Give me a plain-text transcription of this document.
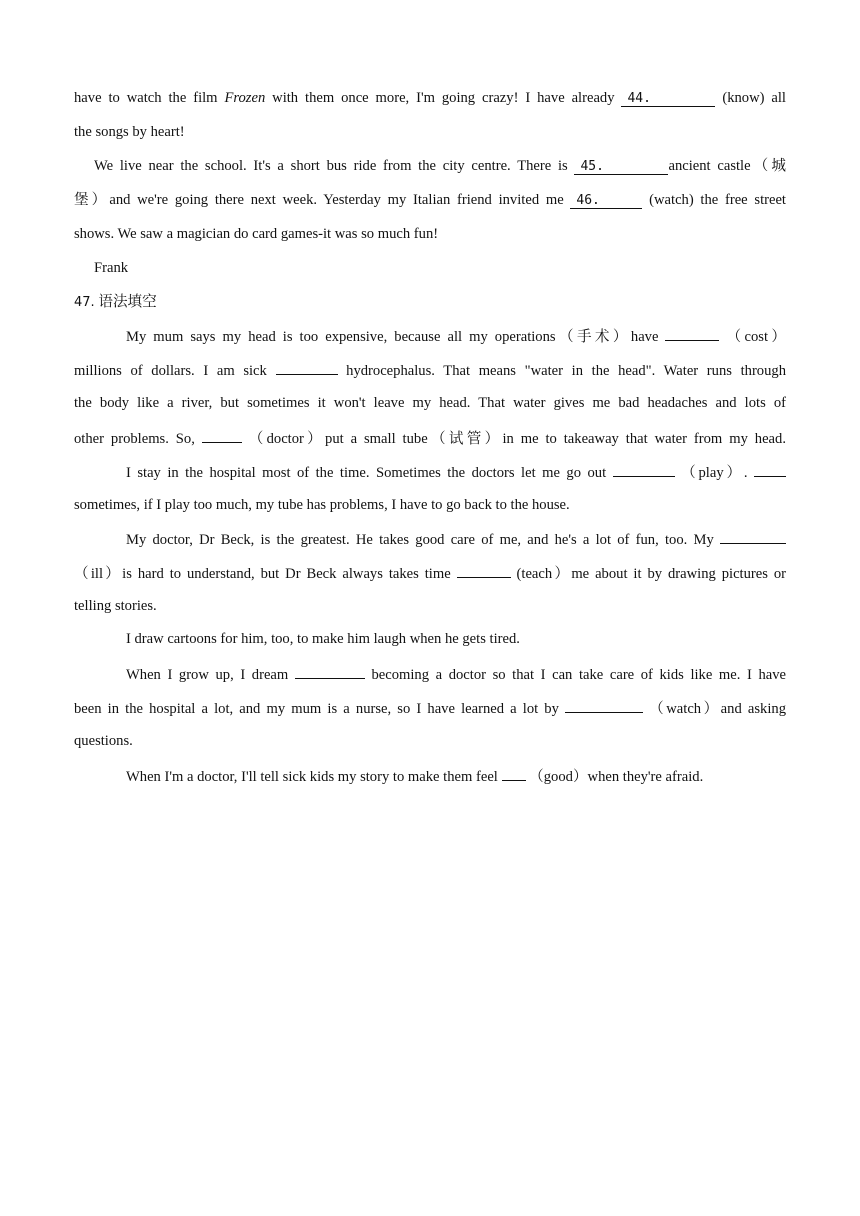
have to watch the film Frozen with them once more, I'm going crazy! I have already 44.	(know) all
the songs by heart!
We live near the school. It's a short bus ride from the city centre. There is 45.	ancient castle（城
堡）and we're going there next week. Yesterday my Italian friend invited me 46.	(watch) the free street
shows. We saw a magician do card games-it was so much fun!
Frank
47. 语法填空
My mum says my head is too expensive, because all my operations（手术）have	（cost）
millions of dollars. I am sick	hydrocephalus. That means "water in the head". Water runs through
the body like a river, but sometimes it won't leave my head. That water gives me bad headaches and lots of
other problems. So,	（doctor）put a small tube（试管）in me to takeaway that water from my head.
I stay in the hospital most of the time. Sometimes the doctors let me go out	（play）.
sometimes, if I play too much, my tube has problems, I have to go back to the house.
My doctor, Dr Beck, is the greatest. He takes good care of me, and he's a lot of fun, too. My
（ill）is hard to understand, but Dr Beck always takes time	(teach）me about it by drawing pictures or
telling stories.
I draw cartoons for him, too, to make him laugh when he gets tired.
When I grow up, I dream	becoming a doctor so that I can take care of kids like me. I have
been in the hospital a lot, and my mum is a nurse, so I have learned a lot by	（watch）and asking
questions.
When I'm a doctor, I'll tell sick kids my story to make them feel  （good）when they're afraid.
